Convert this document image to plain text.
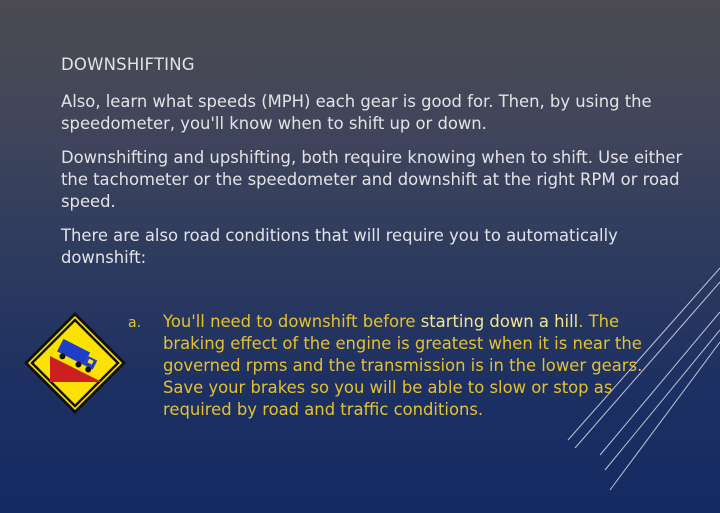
DOWNSHIFTING
Also, learn what speeds (MPH) each gear is good for. Then, by using the speedometer, you'll know when to shift up or down.
Downshifting and upshifting, both require knowing when to shift. Use either the tachometer or the speedometer and downshift at the right RPM or road speed.
There are also road conditions that will require you to automatically downshift:
a. You'll need to downshift before starting down a hill. The braking effect of the engine is greatest when it is near the governed rpms and the transmission is in the lower gears. Save your brakes so you will be able to slow or stop as required by road and traffic conditions.
